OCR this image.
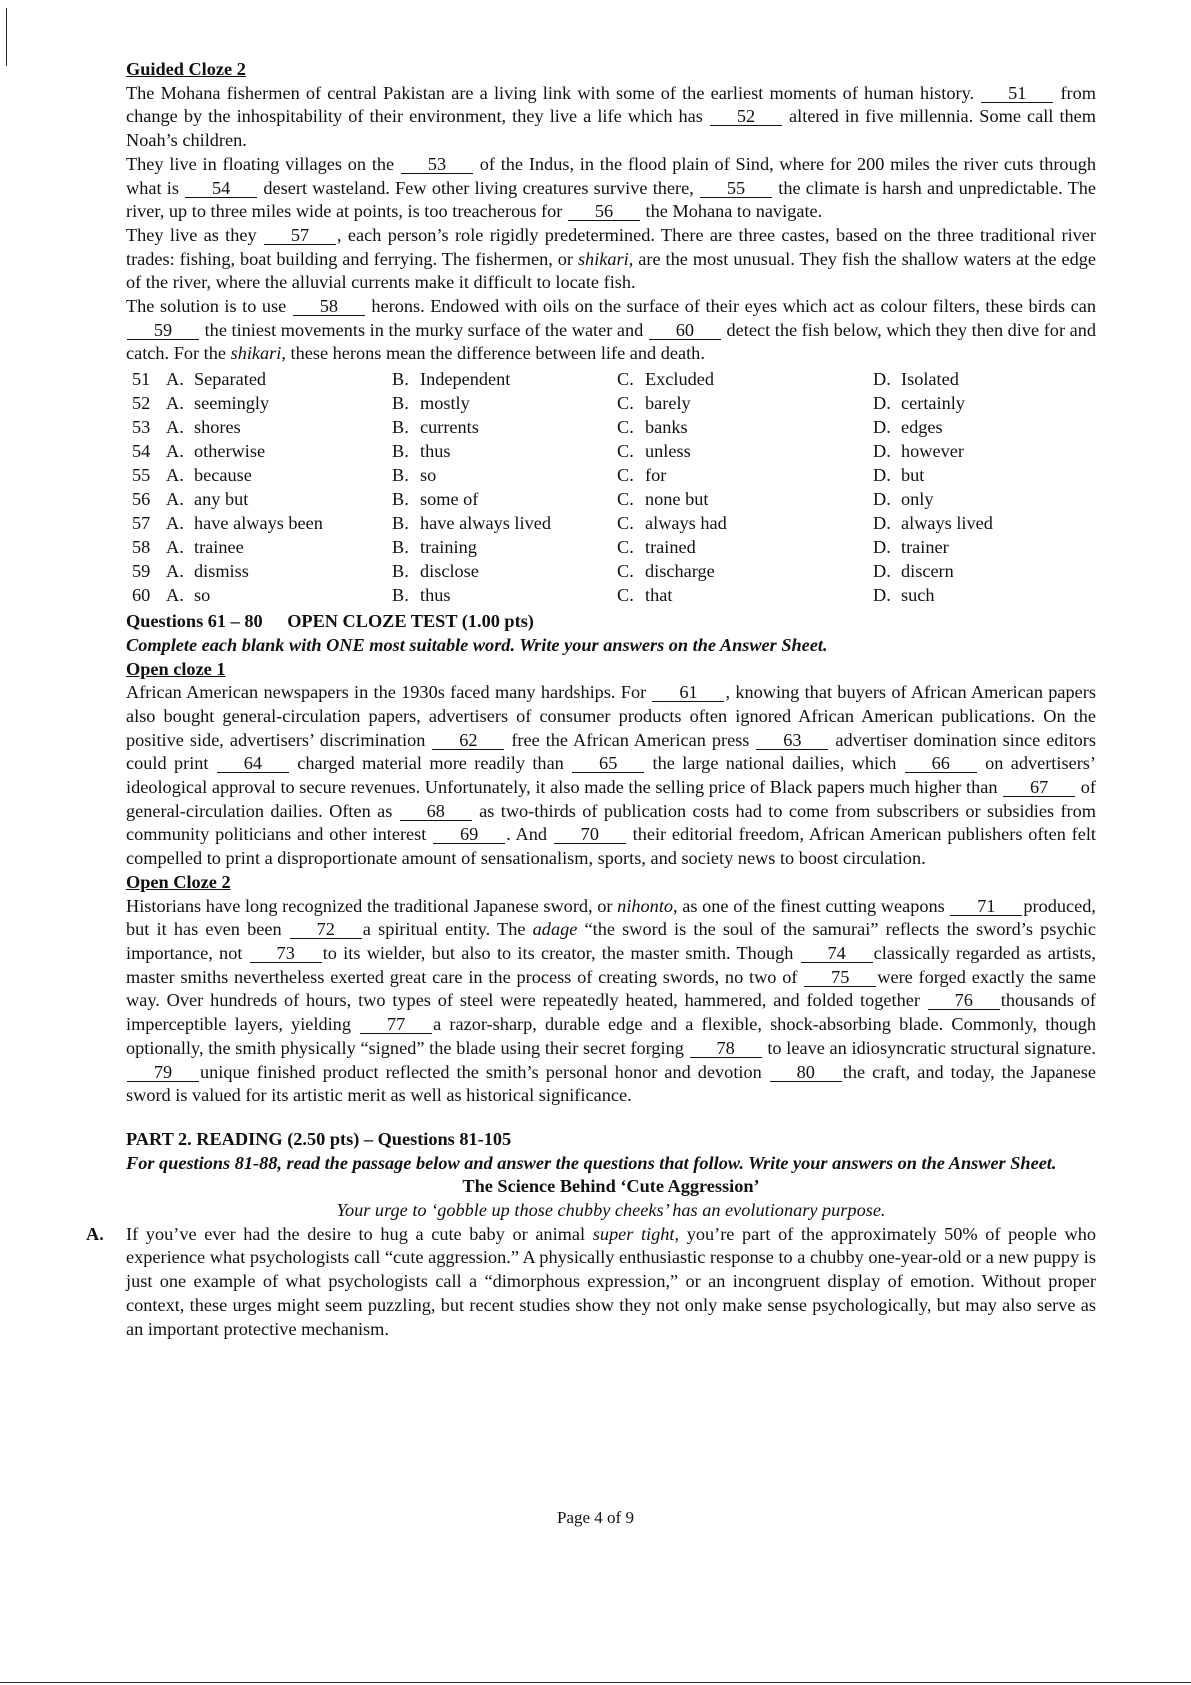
Guided Cloze 2

The Mohana fishermen of central Pakistan are a living link with some of the earliest moments of human history. 51 from change by the inhospitability of their environment, they live a life which has 52 altered in five millennia. Some call them Noah’s children.

They live in floating villages on the 53 of the Indus, in the flood plain of Sind, where for 200 miles the river cuts through what is 54 desert wasteland. Few other living creatures survive there, 55 the climate is harsh and unpredictable. The river, up to three miles wide at points, is too treacherous for 56 the Mohana to navigate.

They live as they 57 , each person’s role rigidly predetermined. There are three castes, based on the three traditional river trades: fishing, boat building and ferrying. The fishermen, or shikari, are the most unusual. They fish the shallow waters at the edge of the river, where the alluvial currents make it difficult to locate fish.

The solution is to use 58 herons. Endowed with oils on the surface of their eyes which act as colour filters, these birds can 59 the tiniest movements in the murky surface of the water and 60 detect the fish below, which they then dive for and catch. For the shikari, these herons mean the difference between life and death.

51	A.	Separated	B.	Independent	C.	Excluded	D.	Isolated
52	A.	seemingly	B.	mostly	C.	barely	D.	certainly
53	A.	shores	B.	currents	C.	banks	D.	edges
54	A.	otherwise	B.	thus	C.	unless	D.	however
55	A.	because	B.	so	C.	for	D.	but
56	A.	any but	B.	some of	C.	none but	D.	only
57	A.	have always been	B.	have always lived	C.	always had	D.	always lived
58	A.	trainee	B.	training	C.	trained	D.	trainer
59	A.	dismiss	B.	disclose	C.	discharge	D.	discern
60	A.	so	B.	thus	C.	that	D.	such
Questions 61 – 80 OPEN CLOZE TEST (1.00 pts)
Complete each blank with ONE most suitable word. Write your answers on the Answer Sheet.
Open cloze 1

African American newspapers in the 1930s faced many hardships. For 61 , knowing that buyers of African American papers also bought general-circulation papers, advertisers of consumer products often ignored African American publications. On the positive side, advertisers’ discrimination 62 free the African American press 63 advertiser domination since editors could print 64 charged material more readily than 65 the large national dailies, which 66 on advertisers’ ideological approval to secure revenues. Unfortunately, it also made the selling price of Black papers much higher than 67 of general-circulation dailies. Often as 68 as two-thirds of publication costs had to come from subscribers or subsidies from community politicians and other interest 69 . And 70 their editorial freedom, African American publishers often felt compelled to print a disproportionate amount of sensationalism, sports, and society news to boost circulation.

Open Cloze 2

Historians have long recognized the traditional Japanese sword, or nihonto, as one of the finest cutting weapons 71 produced, but it has even been 72 a spiritual entity. The adage “the sword is the soul of the samurai” reflects the sword’s psychic importance, not 73 to its wielder, but also to its creator, the master smith. Though 74 classically regarded as artists, master smiths nevertheless exerted great care in the process of creating swords, no two of 75 were forged exactly the same way. Over hundreds of hours, two types of steel were repeatedly heated, hammered, and folded together 76 thousands of imperceptible layers, yielding 77 a razor-sharp, durable edge and a flexible, shock-absorbing blade. Commonly, though optionally, the smith physically “signed” the blade using their secret forging 78 to leave an idiosyncratic structural signature. 79 unique finished product reflected the smith’s personal honor and devotion 80 the craft, and today, the Japanese sword is valued for its artistic merit as well as historical significance.

PART 2. READING (2.50 pts) – Questions 81-105
For questions 81-88, read the passage below and answer the questions that follow. Write your answers on the Answer Sheet.
The Science Behind ‘Cute Aggression’
Your urge to ‘gobble up those chubby cheeks’ has an evolutionary purpose.

A. If you’ve ever had the desire to hug a cute baby or animal super tight, you’re part of the approximately 50% of people who experience what psychologists call “cute aggression.” A physically enthusiastic response to a chubby one-year-old or a new puppy is just one example of what psychologists call a “dimorphous expression,” or an incongruent display of emotion. Without proper context, these urges might seem puzzling, but recent studies show they not only make sense psychologically, but may also serve as an important protective mechanism.

Page 4 of 9
